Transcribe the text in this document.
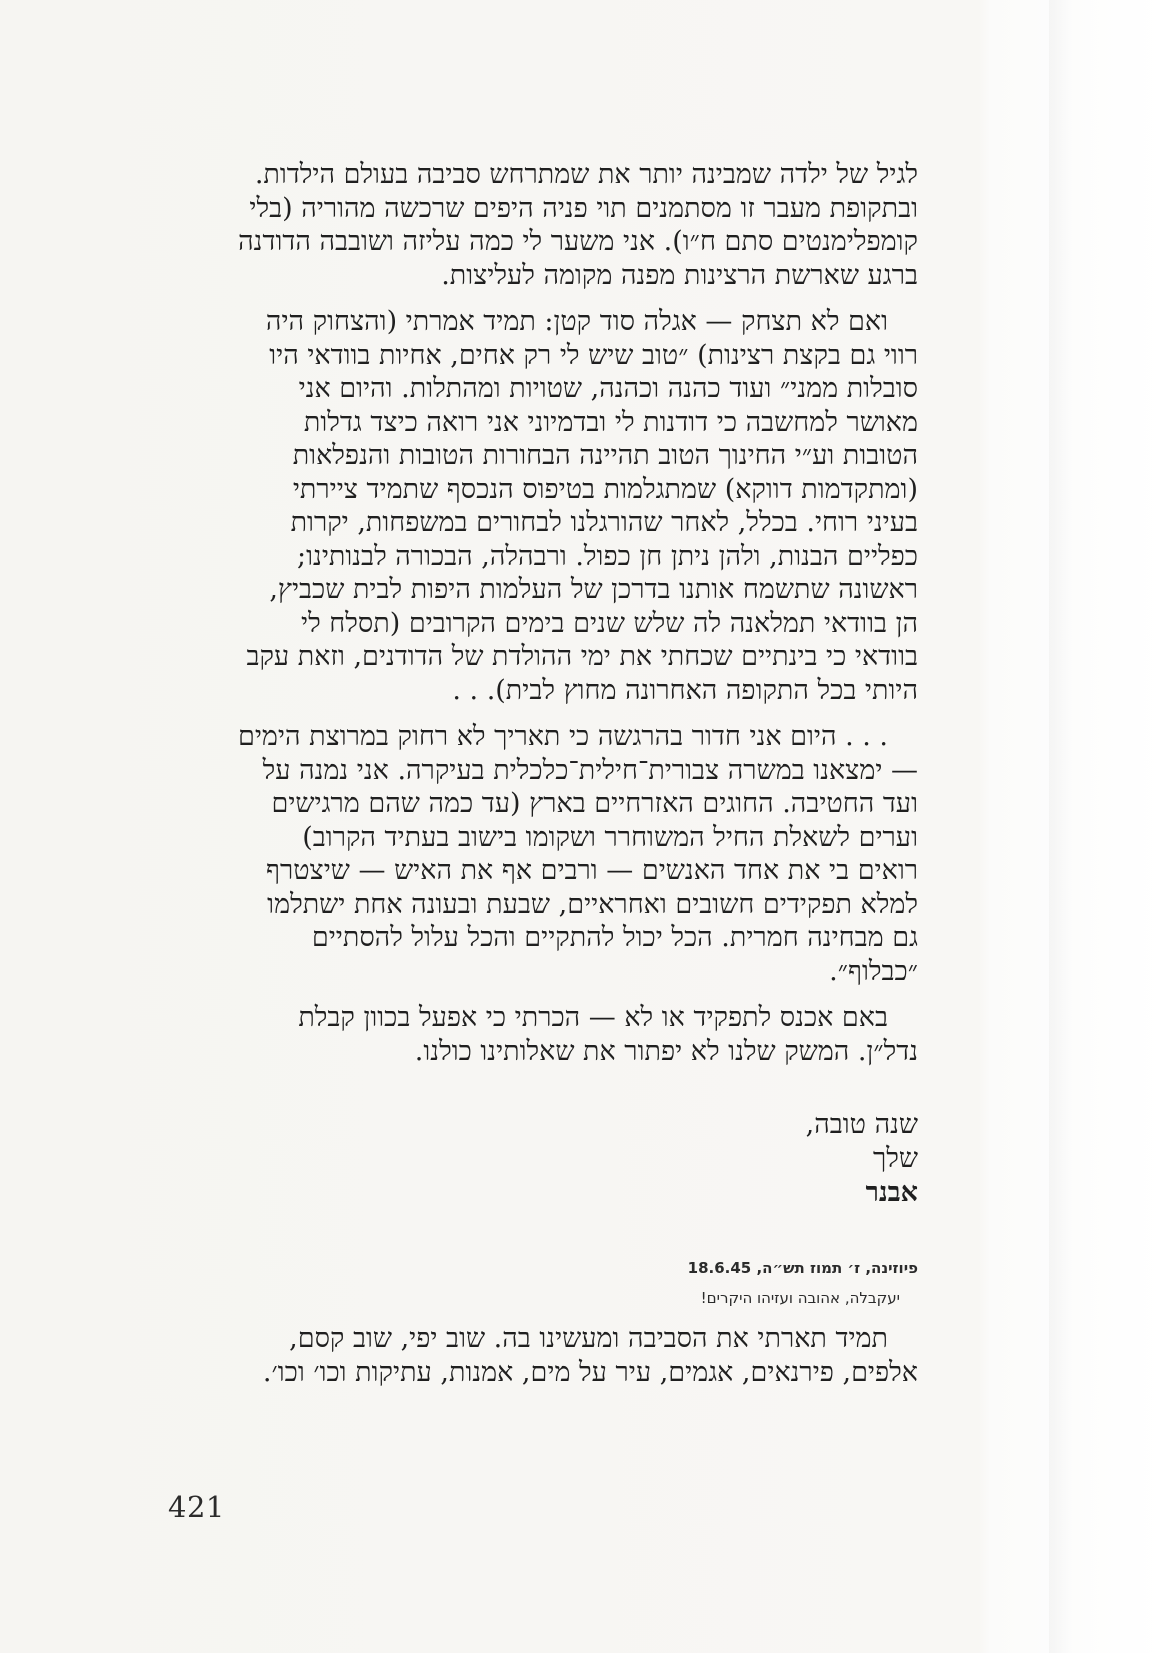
לגיל של ילדה שמבינה יותר את שמתרחש סביבה בעולם הילדות.
ובתקופת מעבר זו מסתמנים תוי פניה היפים שרכשה מהוריה (בלי
קומפלימנטים סתם ח״ו). אני משער לי כמה עליזה ושובבה הדודנה
ברגע שארשת הרצינות מפנה מקומה לעליצות.
ואם לא תצחק — אגלה סוד קטן: תמיד אמרתי (והצחוק היה
רווי גם בקצת רצינות) ״טוב שיש לי רק אחים, אחיות בוודאי היו
סובלות ממני״ ועוד כהנה וכהנה, שטויות ומהתלות. והיום אני
מאושר למחשבה כי דודנות לי ובדמיוני אני רואה כיצד גדלות
הטובות וע״י החינוך הטוב תהיינה הבחורות הטובות והנפלאות
(ומתקדמות דווקא) שמתגלמות בטיפוס הנכסף שתמיד ציירתי
בעיני רוחי. בכלל, לאחר שהורגלנו לבחורים במשפחות, יקרות
כפליים הבנות, ולהן ניתן חן כפול. ורבהלה, הבכורה לבנותינו;
ראשונה שתשמח אותנו בדרכן של העלמות היפות לבית שכביץ,
הן בוודאי תמלאנה לה שלש שנים בימים הקרובים (תסלח לי
בוודאי כי בינתיים שכחתי את ימי ההולדת של הדודנים, וזאת עקב
היותי בכל התקופה האחרונה מחוץ לבית). . .
. . . היום אני חדור בהרגשה כי תאריך לא רחוק במרוצת הימים
— ימצאנו במשרה צבורית־חילית־כלכלית בעיקרה. אני נמנה על
ועד החטיבה. החוגים האזרחיים בארץ (עד כמה שהם מרגישים
וערים לשאלת החיל המשוחרר ושקומו בישוב בעתיד הקרוב)
רואים בי את אחד האנשים — ורבים אף את האיש — שיצטרף
למלא תפקידים חשובים ואחראיים, שבעת ובעונה אחת ישתלמו
גם מבחינה חמרית. הכל יכול להתקיים והכל עלול להסתיים
״כבלוף״.
באם אכנס לתפקיד או לא — הכרתי כי אפעל בכוון קבלת
נדל״ן. המשק שלנו לא יפתור את שאלותינו כולנו.
שנה טובה,
שלך
אבנר
פיוזינה, ז׳ תמוז תש״ה, 18.6.45
יעקבלה, אהובה ועזיהו היקרים!
תמיד תארתי את הסביבה ומעשינו בה. שוב יפי, שוב קסם,
אלפים, פירנאים, אגמים, עיר על מים, אמנות, עתיקות וכו׳ וכו׳.
421
